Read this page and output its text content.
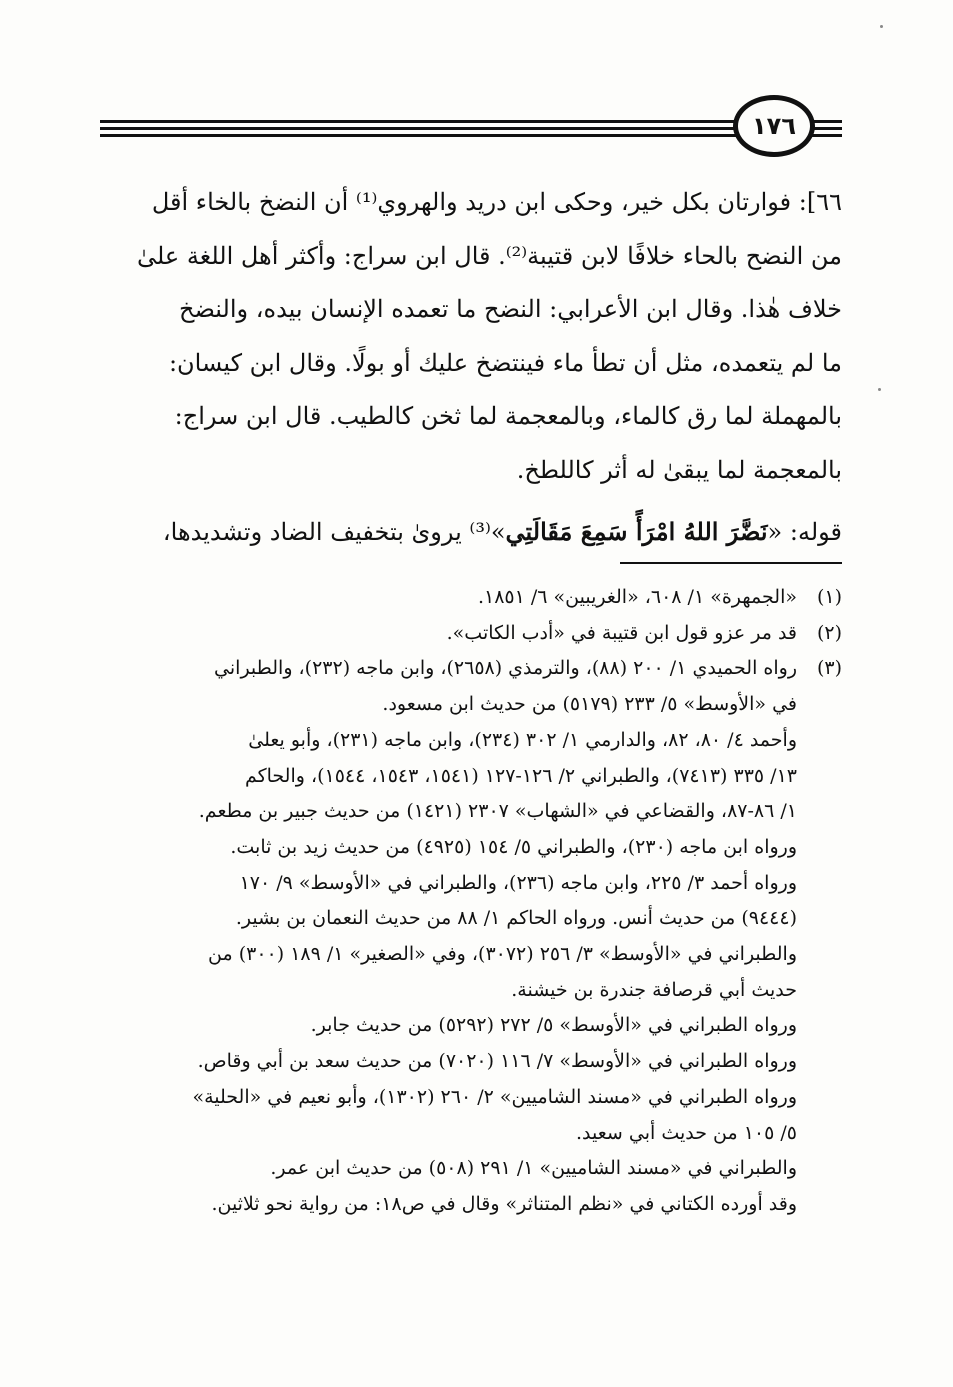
١٧٦

٦٦]: فوارتان بكل خير، وحكى ابن دريد والهروي⁽¹⁾ أن النضخ بالخاء أقل

من النضح بالحاء خلافًا لابن قتيبة⁽²⁾. قال ابن سراج: وأكثر أهل اللغة علىٰ

خلاف هٰذا. وقال ابن الأعرابي: النضح ما تعمده الإنسان بيده، والنضخ

ما لم يتعمده، مثل أن تطأ ماء فينتضخ عليك أو بولًا. وقال ابن كيسان:

بالمهملة لما رق كالماء، وبالمعجمة لما ثخن كالطيب. قال ابن سراج:

بالمعجمة لما يبقىٰ له أثر كاللطخ.

قوله: «نَضَّرَ اللهُ امْرَأً سَمِعَ مَقَالَتِي»⁽³⁾ يروىٰ بتخفيف الضاد وتشديدها،

(١)
«الجمهرة» ١/ ٦٠٨، «الغريبين» ٦/ ١٨٥١.
(٢)
قد مر عزو قول ابن قتيبة في «أدب الكاتب».
(٣)
رواه الحميدي ١/ ٢٠٠ (٨٨)، والترمذي (٢٦٥٨)، وابن ماجه (٢٣٢)، والطبراني
في «الأوسط» ٥/ ٢٣٣ (٥١٧٩) من حديث ابن مسعود.
وأحمد ٤/ ٨٠، ٨٢، والدارمي ١/ ٣٠٢ (٢٣٤)، وابن ماجه (٢٣١)، وأبو يعلىٰ
١٣/ ٣٣٥ (٧٤١٣)، والطبراني ٢/ ١٢٦-١٢٧ (١٥٤١، ١٥٤٣، ١٥٤٤)، والحاكم
١/ ٨٦-٨٧، والقضاعي في «الشهاب» ٢٣٠٧ (١٤٢١) من حديث جبير بن مطعم.
ورواه ابن ماجه (٢٣٠)، والطبراني ٥/ ١٥٤ (٤٩٢٥) من حديث زيد بن ثابت.
ورواه أحمد ٣/ ٢٢٥، وابن ماجه (٢٣٦)، والطبراني في «الأوسط» ٩/ ١٧٠
(٩٤٤٤) من حديث أنس. ورواه الحاكم ١/ ٨٨ من حديث النعمان بن بشير.
والطبراني في «الأوسط» ٣/ ٢٥٦ (٣٠٧٢)، وفي «الصغير» ١/ ١٨٩ (٣٠٠) من
حديث أبي قرصافة جندرة بن خيشنة.
ورواه الطبراني في «الأوسط» ٥/ ٢٧٢ (٥٢٩٢) من حديث جابر.
ورواه الطبراني في «الأوسط» ٧/ ١١٦ (٧٠٢٠) من حديث سعد بن أبي وقاص.
ورواه الطبراني في «مسند الشاميين» ٢/ ٢٦٠ (١٣٠٢)، وأبو نعيم في «الحلية»
٥/ ١٠٥ من حديث أبي سعيد.
والطبراني في «مسند الشاميين» ١/ ٢٩١ (٥٠٨) من حديث ابن عمر.
وقد أورده الكتاني في «نظم المتناثر» وقال في ص١٨: من رواية نحو ثلاثين.
